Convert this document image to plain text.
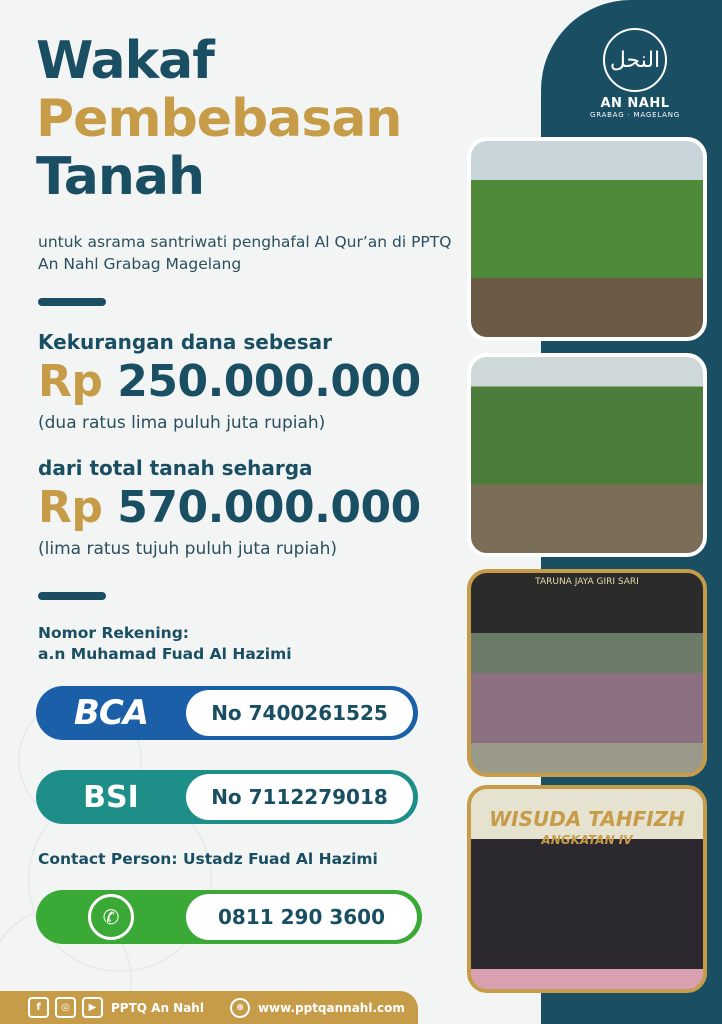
النحل
AN NAHL
GRABAG · MAGELANG
Wakaf
Pembebasan
Tanah
untuk asrama santriwati penghafal Al Qur’an di PPTQ An Nahl Grabag Magelang
Kekurangan dana sebesar
Rp 250.000.000
(dua ratus lima puluh juta rupiah)
dari total tanah seharga
Rp 570.000.000
(lima ratus tujuh puluh juta rupiah)
Nomor Rekening:
a.n Muhamad Fuad Al Hazimi
BCA	No 7400261525
BSI	No 7112279018
Contact Person: Ustadz Fuad Al Hazimi
✆	0811 290 3600
TARUNA JAYA GIRI SARI
WISUDA TAHFIZH
ANGKATAN IV
f	◎	▶	PPTQ An Nahl	⊕	www.pptqannahl.com
